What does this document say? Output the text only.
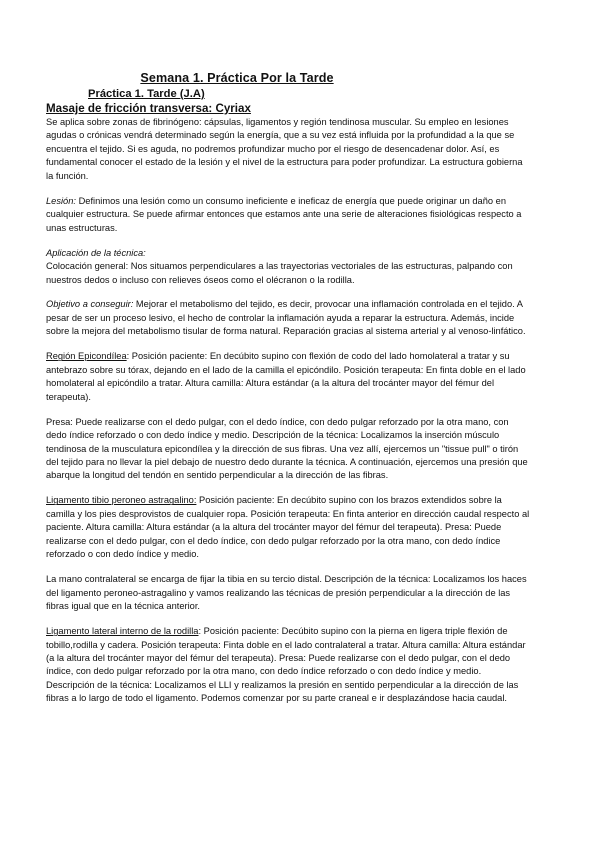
Semana 1. Práctica Por la Tarde
Práctica 1. Tarde (J.A)
Masaje de fricción transversa: Cyriax

Se aplica sobre zonas de fibrinógeno: cápsulas, ligamentos y región tendinosa muscular. Su empleo en lesiones agudas o crónicas vendrá determinado según la energía, que a su vez está influida por la profundidad a la que se encuentra el tejido. Si es aguda, no podremos profundizar mucho por el riesgo de desencadenar dolor. Así, es fundamental conocer el estado de la lesión y el nivel de la estructura para poder profundizar. La estructura gobierna la función.

Lesión: Definimos una lesión como un consumo ineficiente e ineficaz de energía que puede originar un daño en cualquier estructura. Se puede afirmar entonces que estamos ante una serie de alteraciones fisiológicas respecto a unas estructuras.

Aplicación de la técnica:
Colocación general: Nos situamos perpendiculares a las trayectorias vectoriales de las estructuras, palpando con nuestros dedos o incluso con relieves óseos como el olécranon o la rodilla.

Objetivo a conseguir: Mejorar el metabolismo del tejido, es decir, provocar una inflamación controlada en el tejido. A pesar de ser un proceso lesivo, el hecho de controlar la inflamación ayuda a reparar la estructura. Además, incide sobre la mejora del metabolismo tisular de forma natural. Reparación gracias al sistema arterial y al venoso-linfático.

Región Epicondílea: Posición paciente: En decúbito supino con flexión de codo del lado homolateral a tratar y su antebrazo sobre su tórax, dejando en el lado de la camilla el epicóndilo. Posición terapeuta: En finta doble en el lado homolateral al epicóndilo a tratar. Altura camilla: Altura estándar (a la altura del trocánter mayor del fémur del terapeuta).

Presa: Puede realizarse con el dedo pulgar, con el dedo índice, con dedo pulgar reforzado por la otra mano, con dedo índice reforzado o con dedo índice y medio. Descripción de la técnica: Localizamos la inserción músculo tendinosa de la musculatura epicondílea y la dirección de sus fibras. Una vez allí, ejercemos un "tissue pull" o tirón del tejido para no llevar la piel debajo de nuestro dedo durante la técnica. A continuación, ejercemos una presión que abarque la longitud del tendón en sentido perpendicular a la dirección de las fibras.

Ligamento tibio peroneo astragalino: Posición paciente: En decúbito supino con los brazos extendidos sobre la camilla y los pies desprovistos de cualquier ropa. Posición terapeuta: En finta anterior en dirección caudal respecto al paciente. Altura camilla: Altura estándar (a la altura del trocánter mayor del fémur del terapeuta). Presa: Puede realizarse con el dedo pulgar, con el dedo índice, con dedo pulgar reforzado por la otra mano, con dedo índice reforzado o con dedo índice y medio.

La mano contralateral se encarga de fijar la tibia en su tercio distal. Descripción de la técnica: Localizamos los haces del ligamento peroneo-astragalino y vamos realizando las técnicas de presión perpendicular a la dirección de las fibras igual que en la técnica anterior.

Ligamento lateral interno de la rodilla: Posición paciente: Decúbito supino con la pierna en ligera triple flexión de tobillo,rodilla y cadera. Posición terapeuta: Finta doble en el lado contralateral a tratar. Altura camilla: Altura estándar (a la altura del trocánter mayor del fémur del terapeuta). Presa: Puede realizarse con el dedo pulgar, con el dedo índice, con dedo pulgar reforzado por la otra mano, con dedo índice reforzado o con dedo índice y medio. Descripción de la técnica: Localizamos el LLI y realizamos la presión en sentido perpendicular a la dirección de las fibras a lo largo de todo el ligamento. Podemos comenzar por su parte craneal e ir desplazándose hacia caudal.
